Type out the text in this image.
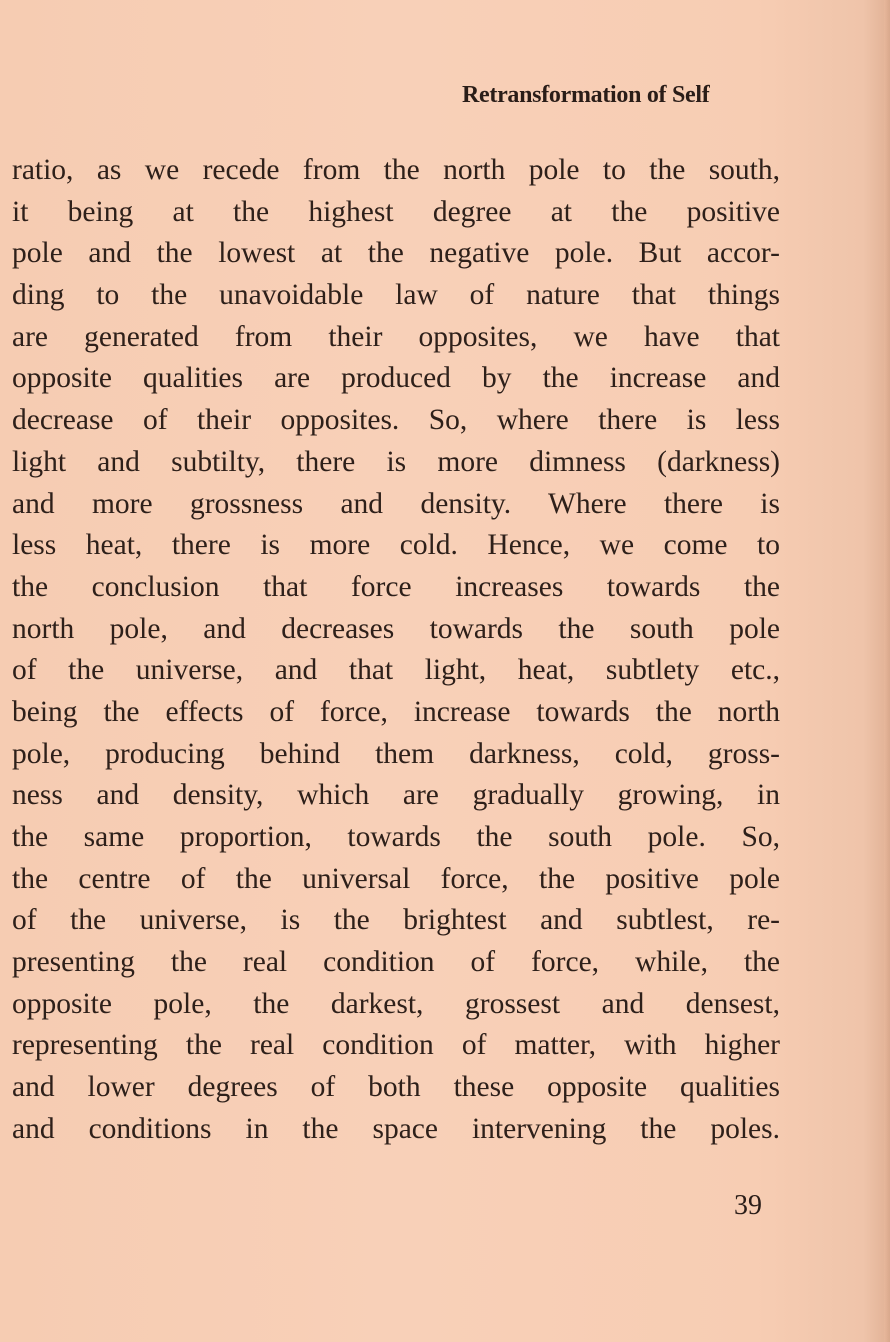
Retransformation of Self
ratio, as we recede from the north pole to the south,
it being at the highest degree at the positive
pole and the lowest at the negative pole. But accor-
ding to the unavoidable law of nature that things
are generated from their opposites, we have that
opposite qualities are produced by the increase and
decrease of their opposites. So, where there is less
light and subtilty, there is more dimness (darkness)
and more grossness and density. Where there is
less heat, there is more cold. Hence, we come to
the conclusion that force increases towards the
north pole, and decreases towards the south pole
of the universe, and that light, heat, subtlety etc.,
being the effects of force, increase towards the north
pole, producing behind them darkness, cold, gross-
ness and density, which are gradually growing, in
the same proportion, towards the south pole. So,
the centre of the universal force, the positive pole
of the universe, is the brightest and subtlest, re-
presenting the real condition of force, while, the
opposite pole, the darkest, grossest and densest,
representing the real condition of matter, with higher
and lower degrees of both these opposite qualities
and conditions in the space intervening the poles.
39
